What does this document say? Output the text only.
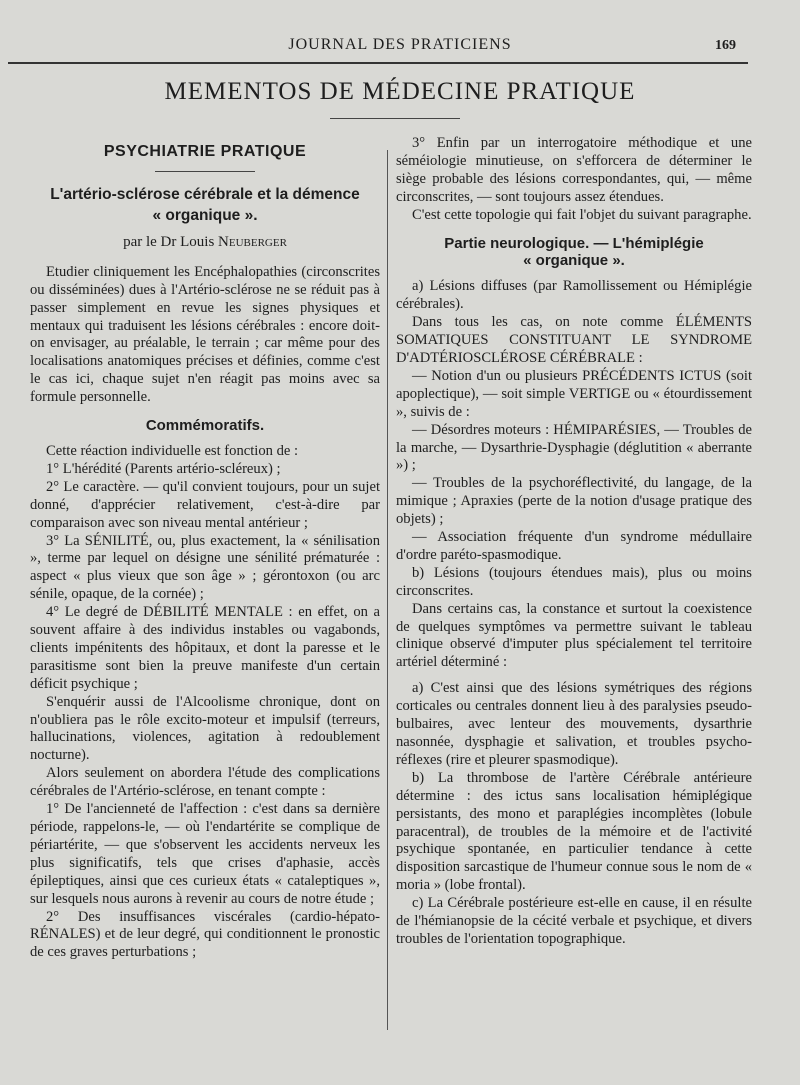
JOURNAL DES PRATICIENS	169
MEMENTOS DE MÉDECINE PRATIQUE
PSYCHIATRIE PRATIQUE
L'artério-sclérose cérébrale et la démence
« organique ».
par le Dr Louis Neuberger

Etudier cliniquement les Encéphalopathies (circonscrites ou disséminées) dues à l'Artério-sclérose ne se réduit pas à passer simplement en revue les signes physiques et mentaux qui traduisent les lésions cérébrales : encore doit-on envisager, au préalable, le terrain ; car même pour des localisations anatomiques précises et définies, comme c'est le cas ici, chaque sujet n'en réagit pas moins avec sa formule personnelle.

Commémoratifs.

Cette réaction individuelle est fonction de :

1° L'hérédité (Parents artério-scléreux) ;

2° Le caractère. — qu'il convient toujours, pour un sujet donné, d'apprécier relativement, c'est-à-dire par comparaison avec son niveau mental antérieur ;

3° La SÉNILITÉ, ou, plus exactement, la « sénilisation », terme par lequel on désigne une sénilité prématurée : aspect « plus vieux que son âge » ; gérontoxon (ou arc sénile, opaque, de la cornée) ;

4° Le degré de DÉBILITÉ MENTALE : en effet, on a souvent affaire à des individus instables ou vagabonds, clients impénitents des hôpitaux, et dont la paresse et le parasitisme sont bien la preuve manifeste d'un certain déficit psychique ;

S'enquérir aussi de l'Alcoolisme chronique, dont on n'oubliera pas le rôle excito-moteur et impulsif (terreurs, hallucinations, violences, agitation à redoublement nocturne).

Alors seulement on abordera l'étude des complications cérébrales de l'Artério-sclérose, en tenant compte :

1° De l'ancienneté de l'affection : c'est dans sa dernière période, rappelons-le, — où l'endartérite se complique de périartérite, — que s'observent les accidents nerveux les plus significatifs, tels que crises d'aphasie, accès épileptiques, ainsi que ces curieux états « cataleptiques », sur lesquels nous aurons à revenir au cours de notre étude ;

2° Des insuffisances viscérales (cardio-hépato-RÉNALES) et de leur degré, qui conditionnent le pronostic de ces graves perturbations ;

3° Enfin par un interrogatoire méthodique et une séméiologie minutieuse, on s'efforcera de déterminer le siège probable des lésions correspondantes, qui, — même circonscrites, — sont toujours assez étendues.

C'est cette topologie qui fait l'objet du suivant paragraphe.

Partie neurologique. — L'hémiplégie
« organique ».

a) Lésions diffuses (par Ramollissement ou Hémiplégie cérébrales).

Dans tous les cas, on note comme ÉLÉMENTS SOMATIQUES CONSTITUANT LE SYNDROME D'ADTÉRIOSCLÉROSE CÉRÉBRALE :

— Notion d'un ou plusieurs PRÉCÉDENTS ICTUS (soit apoplectique), — soit simple VERTIGE ou « étourdissement », suivis de :

— Désordres moteurs : HÉMIPARÉSIES, — Troubles de la marche, — Dysarthrie-Dysphagie (déglutition « aberrante ») ;

— Troubles de la psychoréflectivité, du langage, de la mimique ; Apraxies (perte de la notion d'usage pratique des objets) ;

— Association fréquente d'un syndrome médullaire d'ordre paréto-spasmodique.

b) Lésions (toujours étendues mais), plus ou moins circonscrites.

Dans certains cas, la constance et surtout la coexistence de quelques symptômes va permettre suivant le tableau clinique observé d'imputer plus spécialement tel territoire artériel déterminé :

a) C'est ainsi que des lésions symétriques des régions corticales ou centrales donnent lieu à des paralysies pseudo-bulbaires, avec lenteur des mouvements, dysarthrie nasonnée, dysphagie et salivation, et troubles psycho-réflexes (rire et pleurer spasmodique).

b) La thrombose de l'artère Cérébrale antérieure détermine : des ictus sans localisation hémiplégique persistants, des mono et paraplégies incomplètes (lobule paracentral), de troubles de la mémoire et de l'activité psychique spontanée, en particulier tendance à cette disposition sarcastique de l'humeur connue sous le nom de « moria » (lobe frontal).

c) La Cérébrale postérieure est-elle en cause, il en résulte de l'hémianopsie de la cécité verbale et psychique, et divers troubles de l'orientation topographique.
